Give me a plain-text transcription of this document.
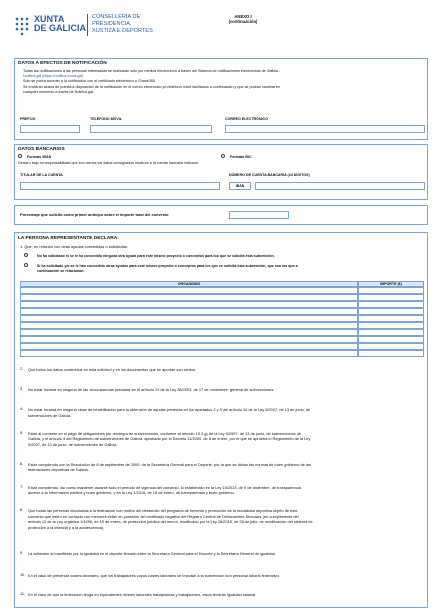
XUNTA
DE GALICIA
CONSELLERÍA DE
PRESIDENCIA,
XUSTIZA E DEPORTES
ANEXO I
(continuación)
DATOS A EFECTOS DE NOTIFICACIÓN
Todas las notificaciones a las personas interesadas se realizarán solo por medios electrónicos a través del Sistema de notificaciones electrónicas de Galicia -
Notifica.gal (https://notifica.xunta.gal)
Solo se podrá acceder a la notificación con el certificado electrónico o Chave365.
Se enviarán avisos de puesta a disposición de la notificación en el correo electrónico y/o teléfono móvil facilitados a continuación y que se podrán cambiar en
cualquier momento a través de Notifica.gal.
PREFIJO	TELÉFONO MÓVIL	CORREO ELECTRÓNICO
DATOS BANCARIOS
Formato IBAN	Formato BIC
Declaro bajo mi responsabilidad que son ciertos los datos consignados relativos a la cuenta bancaria indicada.
TITULAR DE LA CUENTA	NÚMERO DE CUENTA BANCARIA (24 DÍGITOS)
IBAN
Porcentaje que solicita como primer anticipo sobre el importe total del convenio
LA PERSONA REPRESENTANTE DECLARA:
1. Que, en relación con otras ayudas concedidas o solicitadas:
No ha solicitado ni se le ha concedido ninguna otra ayuda para este mismo proyecto o conceptos para los que se solicita esta subvención.
Sí ha solicitado y/o se le han concedido otras ayudas para este mismo proyecto o conceptos para los que se solicita esta subvención, que son las que a
continuación se relacionan:
ORGANISMO	IMPORTE (€)
2. Que todos los datos contenidos en esta solicitud y en los documentos que se aportan son ciertos.
3. No estar incursa en ninguna de las circunstancias previstas en el artículo 13 de la Ley 38/2003, de 17 de noviembre, general de subvenciones.
4. No estar incursa en ninguna clase de inhabilitación para la obtención de ayudas previstas en los apartados 2 y 3 del artículo 10 de la Ley 9/2007, de 13 de junio, de
subvenciones de Galicia.
5. Estar al corriente en el pago de obligaciones por reintegro de subvenciones, conforme al artículo 10.2.g) de la Ley 9/2007, de 13 de junio, de subvenciones de
Galicia, y el artículo 9 del Reglamento de subvenciones de Galicia, aprobado por el Decreto 11/2009, de 8 de enero, por el que se aprueba el Reglamento de la Ley
9/2007, de 13 de junio, de subvenciones de Galicia.
6. Estar cumpliendo con la Resolución de 8 de septiembre de 2009, de la Secretaría General para el Deporte, por la que se dictan las normas de buen gobierno de las
federaciones deportivas de Galicia.
7. Estar cumpliendo, así como mantener durante todo el período de vigencia del convenio, lo establecido en la Ley 19/2013, de 9 de diciembre, de transparencia,
acceso a la información pública y buen gobierno, y en la Ley 1/2016, de 18 de enero, de transparencia y buen gobierno.
8. Que todas las personas vinculadas a la federación con motivo del desarrollo del programa de fomento y promoción de la modalidad deportiva objeto de este
convenio que estén en contacto con menores están en posesión del certificado negativo del Registro Central de Delincuentes Sexuales (en cumplimiento del
artículo 13 de la Ley orgánica 1/1996, de 15 de enero, de protección jurídica del menor, modificado por la Ley 26/2015, de 28 de julio, de modificación del sistema de
protección a la infancia y a la adolescencia).
9. La adhesión al manifiesto por la igualdad en el deporte firmado entre la Secretaría General para el Deporte y la Secretaría General de igualdad.
10. En el caso de presentar costes laborales, que los trabajadores cuyos costes laborales se imputan a la subvención son personal laboral federativo.
11. En el caso de que la federación tenga en equivalentes niveles laborales trabajadoras y trabajadores, estos tendrán igualdad salarial.
